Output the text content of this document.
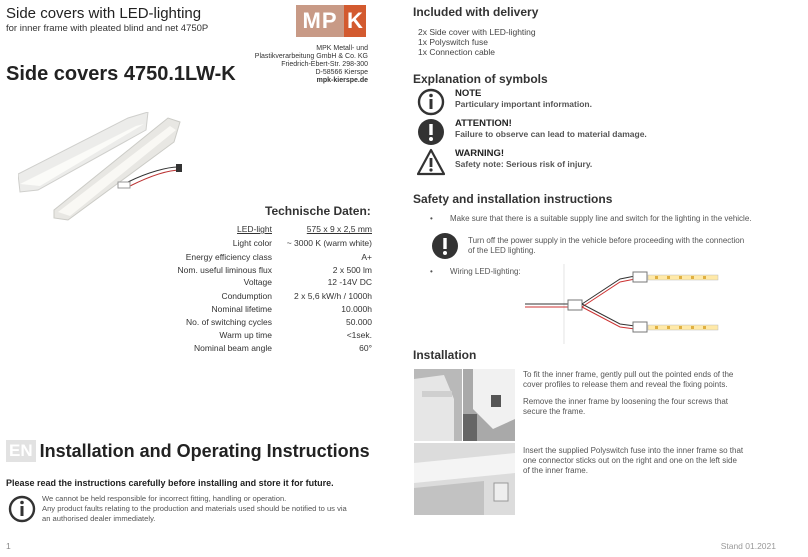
Side covers with LED-lighting
for inner frame with pleated blind and net 4750P	MP K
MPK Metall- und
Plastikverarbeitung GmbH & Co. KG
Friedrich-Ebert-Str. 298-300
D-58566 Kierspe
mpk-kierspe.de
Side covers 4750.1LW-K
Technische Daten:
LED-light	575 x 9 x 2,5 mm
Light color ~ 3000 K (warm white)
Energy efficiency class	A+
Nom. useful liminous flux	2 x 500 lm
Voltage	12 -14V DC
Condumption	2 x 5,6 kW/h / 1000h
Nominal lifetime	10.000h
No. of switching cycles	50.000
Warm up time	<1sek.
Nominal beam angle	60°
EN Installation and Operating Instructions
Please read the instructions carefully before installing and store it for future.
We cannot be held responsible for incorrect fitting, handling or operation.
Any product faults relating to the production and materials used should be notified to us via
an authorised dealer immediately.
1
Included with delivery
2x Side cover with LED-lighting
1x Polyswitch fuse
1x Connection cable
Explanation of symbols
NOTE
Particulary important information.
ATTENTION!
Failure to observe can lead to material damage.
WARNING!
Safety note: Serious risk of injury.
Safety and installation instructions
• Make sure that there is a suitable supply line and switch for the lighting in the vehicle.
Turn off the power supply in the vehicle before proceeding with the connection
of the LED lighting.
• Wiring LED-lighting:
Installation
To fit the inner frame, gently pull out the pointed ends of the
cover profiles to release them and reveal the fixing points.
Remove the inner frame by loosening the four screws that
secure the frame.
Insert the supplied Polyswitch fuse into the inner frame so that
one connector sticks out on the right and one on the left side
of the inner frame.
Stand 01.2021
